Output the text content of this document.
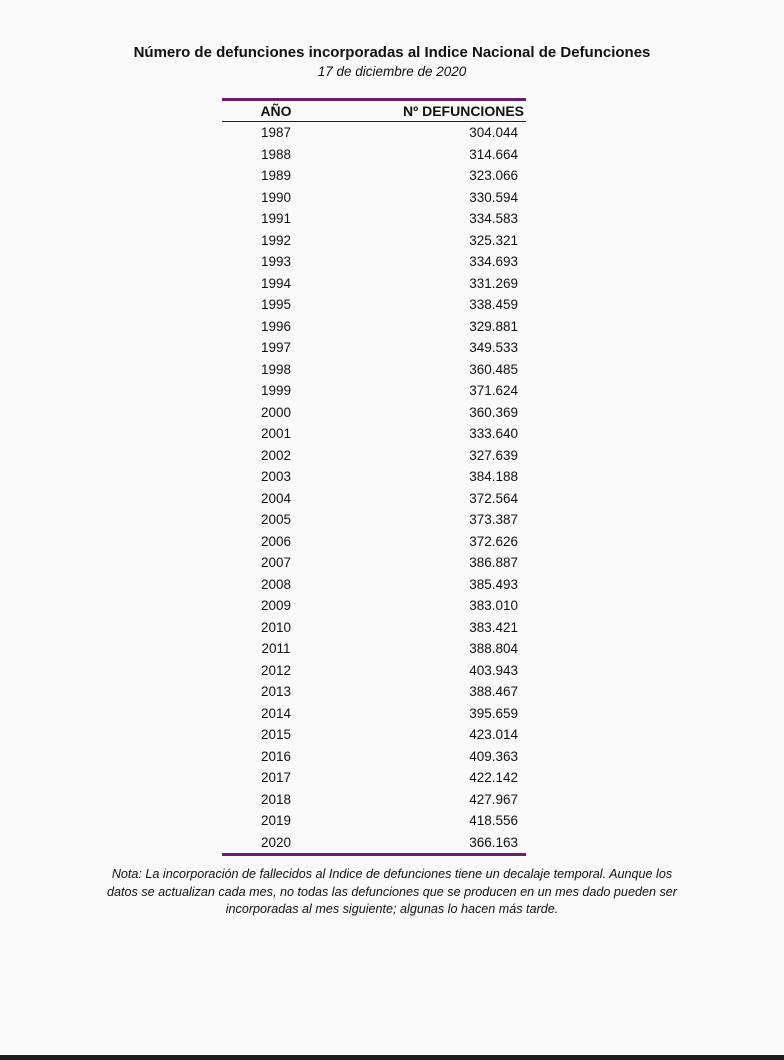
Número de defunciones incorporadas al Indice Nacional de Defunciones
17 de diciembre de 2020
AÑO	Nº DEFUNCIONES
1987	304.044
1988	314.664
1989	323.066
1990	330.594
1991	334.583
1992	325.321
1993	334.693
1994	331.269
1995	338.459
1996	329.881
1997	349.533
1998	360.485
1999	371.624
2000	360.369
2001	333.640
2002	327.639
2003	384.188
2004	372.564
2005	373.387
2006	372.626
2007	386.887
2008	385.493
2009	383.010
2010	383.421
2011	388.804
2012	403.943
2013	388.467
2014	395.659
2015	423.014
2016	409.363
2017	422.142
2018	427.967
2019	418.556
2020	366.163
Nota: La incorporación de fallecidos al Indice de defunciones tiene un decalaje temporal. Aunque los
datos se actualizan cada mes, no todas las defunciones que se producen en un mes dado pueden ser
incorporadas al mes siguiente; algunas lo hacen más tarde.
